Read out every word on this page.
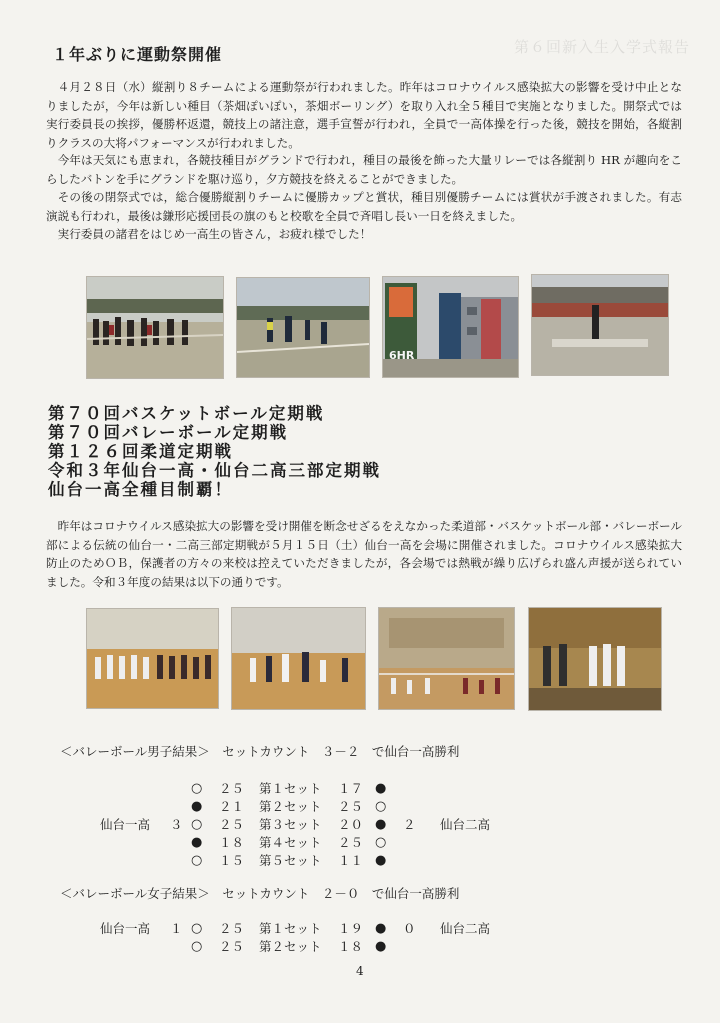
第６回新入生入学式報告
１年ぶりに運動祭開催

４月２８日（水）縦割り８チームによる運動祭が行われました。昨年はコロナウイルス感染拡大の影響を受け中止となりましたが，今年は新しい種目（茶畑ぽいぽい，茶畑ボーリング）を取り入れ全５種目で実施となりました。開祭式では実行委員長の挨拶，優勝杯返還，競技上の諸注意，選手宣誓が行われ，全員で一高体操を行った後，競技を開始，各縦割りクラスの大将パフォーマンスが行われました。

今年は天気にも恵まれ，各競技種目がグランドで行われ，種目の最後を飾った大量リレーでは各縦割り HR が趣向をこらしたバトンを手にグランドを駆け巡り，夕方競技を終えることができました。

その後の閉祭式では，総合優勝縦割りチームに優勝カップと賞状，種目別優勝チームには賞状が手渡されました。有志演説も行われ，最後は鎌形応援団長の旗のもと校歌を全員で斉唱し長い一日を終えました。

実行委員の諸君をはじめ一高生の皆さん，お疲れ様でした！

6HR
第７０回バスケットボール定期戦
第７０回バレーボール定期戦
第１２６回柔道定期戦
令和３年仙台一高・仙台二高三部定期戦
仙台一高全種目制覇！

昨年はコロナウイルス感染拡大の影響を受け開催を断念せざるをえなかった柔道部・バスケットボール部・バレーボール部による伝統の仙台一・二高三部定期戦が５月１５日（土）仙台一高を会場に開催されました。コロナウイルス感染拡大防止のためＯＢ，保護者の方々の来校は控えていただきましたが，各会場では熱戦が繰り広げられ盛ん声援が送られていました。令和３年度の結果は以下の通りです。

＜バレーボール男子結果＞　セットカウント　３－２　で仙台一高勝利
○ ２５ 第１セット １７ ●
● ２１ 第２セット ２５ ○
仙台一高 ３ ○ ２５ 第３セット ２０ ● ２ 仙台二高
● １８ 第４セット ２５ ○
○ １５ 第５セット １１ ●
＜バレーボール女子結果＞　セットカウント　２－０　で仙台一高勝利
仙台一高 １ ○ ２５ 第１セット １９ ● ０ 仙台二高
○ ２５ 第２セット １８ ●
4
